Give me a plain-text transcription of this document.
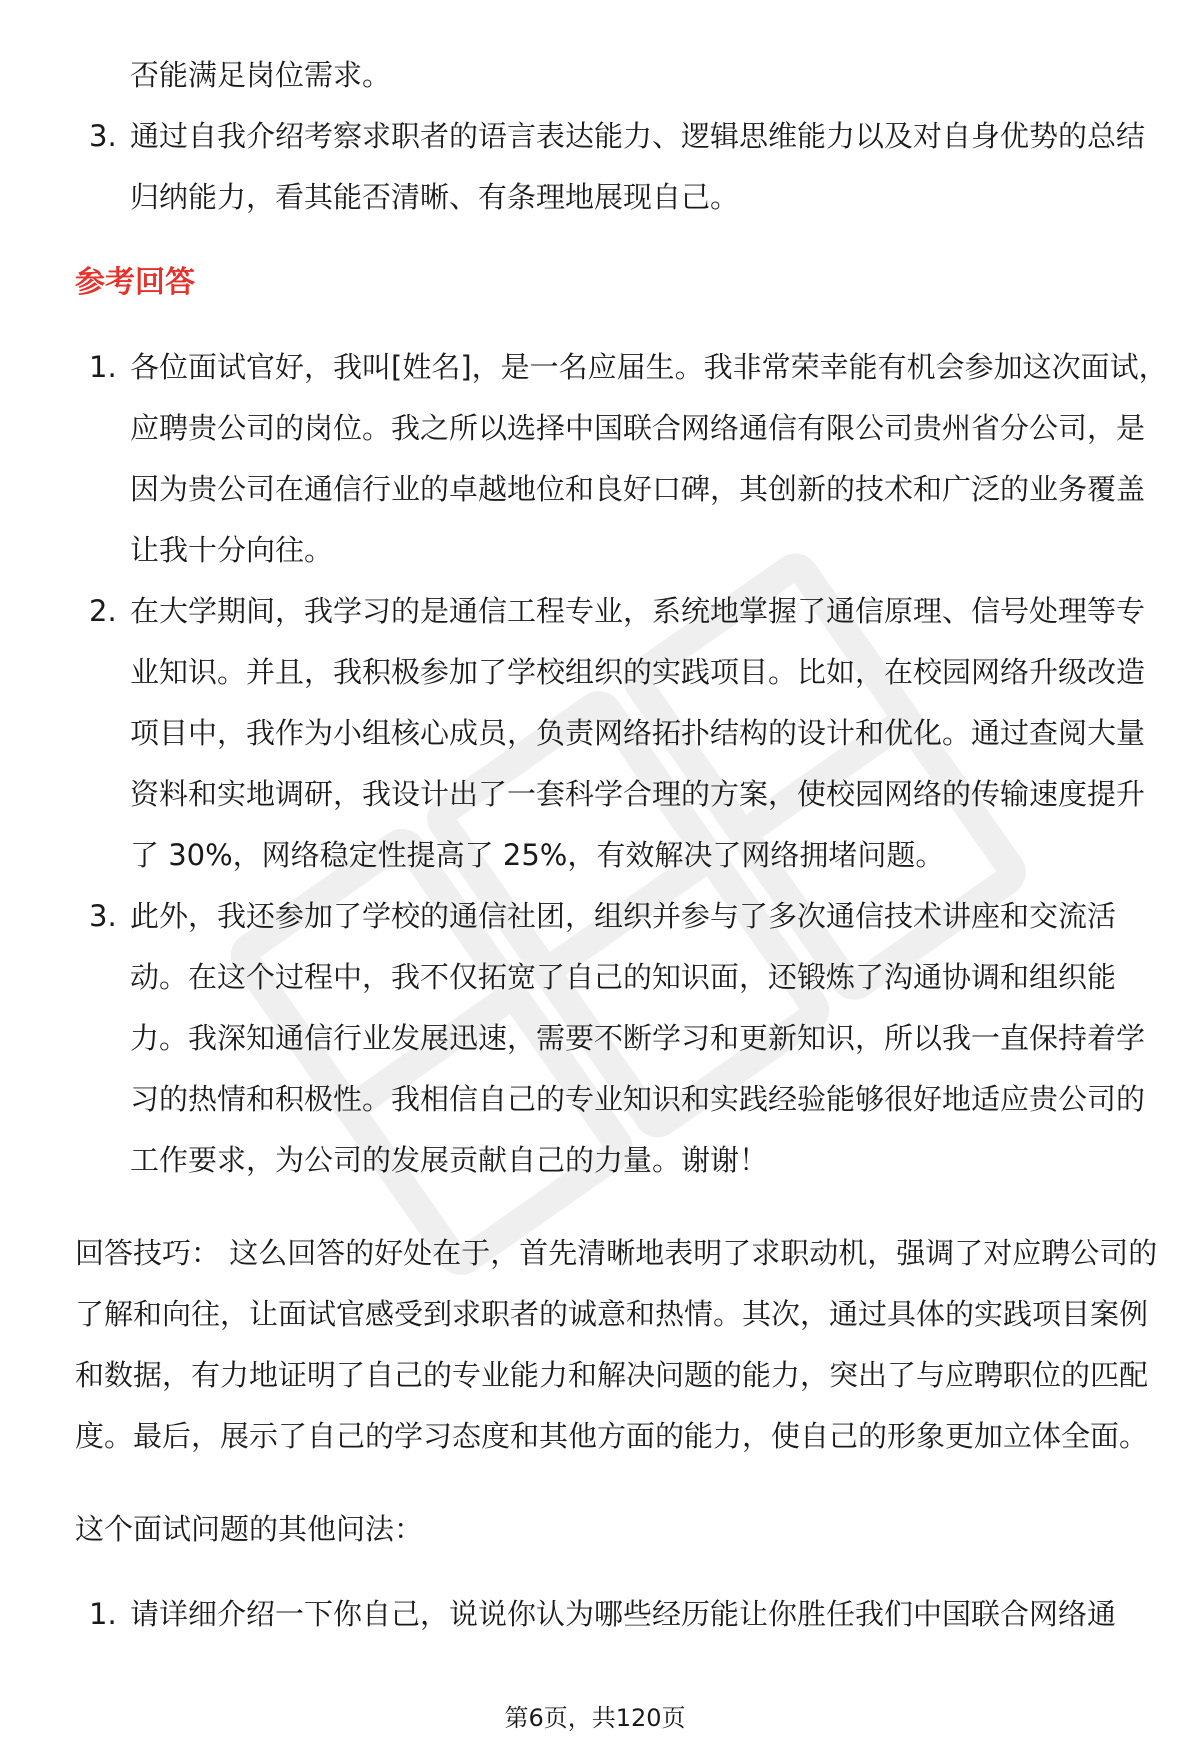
否能满足岗位需求。

3. 通过自我介绍考察求职者的语言表达能力、逻辑思维能力以及对自身优势的总结归纳能力，看其能否清晰、有条理地展现自己。
参考回答
1. 各位面试官好，我叫[姓名]，是一名应届生。我非常荣幸能有机会参加这次面试，应聘贵公司的岗位。我之所以选择中国联合网络通信有限公司贵州省分公司，是因为贵公司在通信行业的卓越地位和良好口碑，其创新的技术和广泛的业务覆盖让我十分向往。
2. 在大学期间，我学习的是通信工程专业，系统地掌握了通信原理、信号处理等专业知识。并且，我积极参加了学校组织的实践项目。比如，在校园网络升级改造项目中，我作为小组核心成员，负责网络拓扑结构的设计和优化。通过查阅大量资料和实地调研，我设计出了一套科学合理的方案，使校园网络的传输速度提升了 30%，网络稳定性提高了 25%，有效解决了网络拥堵问题。
3. 此外，我还参加了学校的通信社团，组织并参与了多次通信技术讲座和交流活动。在这个过程中，我不仅拓宽了自己的知识面，还锻炼了沟通协调和组织能力。我深知通信行业发展迅速，需要不断学习和更新知识，所以我一直保持着学习的热情和积极性。我相信自己的专业知识和实践经验能够很好地适应贵公司的工作要求，为公司的发展贡献自己的力量。谢谢！

回答技巧： 这么回答的好处在于，首先清晰地表明了求职动机，强调了对应聘公司的了解和向往，让面试官感受到求职者的诚意和热情。其次，通过具体的实践项目案例和数据，有力地证明了自己的专业能力和解决问题的能力，突出了与应聘职位的匹配度。最后，展示了自己的学习态度和其他方面的能力，使自己的形象更加立体全面。

这个面试问题的其他问法：

1. 请详细介绍一下你自己，说说你认为哪些经历能让你胜任我们中国联合网络通
第6页，共120页
